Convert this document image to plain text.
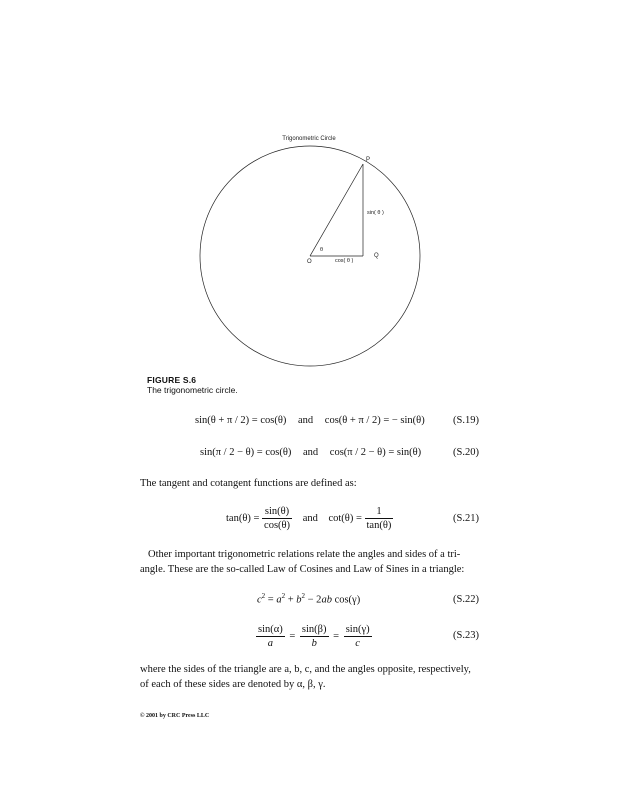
Trigonometric Circle
P
sin( θ )
θ
Q
O	cos( θ )
FIGURE S.6
The trigonometric circle.
sin(θ + π / 2) = cos(θ) and cos(θ + π / 2) = − sin(θ)	(S.19)
sin(π / 2 − θ) = cos(θ) and cos(π / 2 − θ) = sin(θ)	(S.20)
The tangent and cotangent functions are defined as:
$\tan(\theta) = \frac{\sin(\theta)}{\cos(\theta)}$ and $\cot(\theta) = \frac{1}{\tan(\theta)}$	(S.21)
Other important trigonometric relations relate the angles and sides of a tri-
angle. These are the so-called Law of Cosines and Law of Sines in a triangle:
$c^2 = a^2 + b^2 - 2ab$ cos(γ)	(S.22)
$\frac{\sin(\alpha)}{a} = \frac{\sin(\beta)}{b} = \frac{\sin(\gamma)}{c}$	(S.23)
where the sides of the triangle are a, b, c, and the angles opposite, respectively,
of each of these sides are denoted by α, β, γ.
© 2001 by CRC Press LLC
